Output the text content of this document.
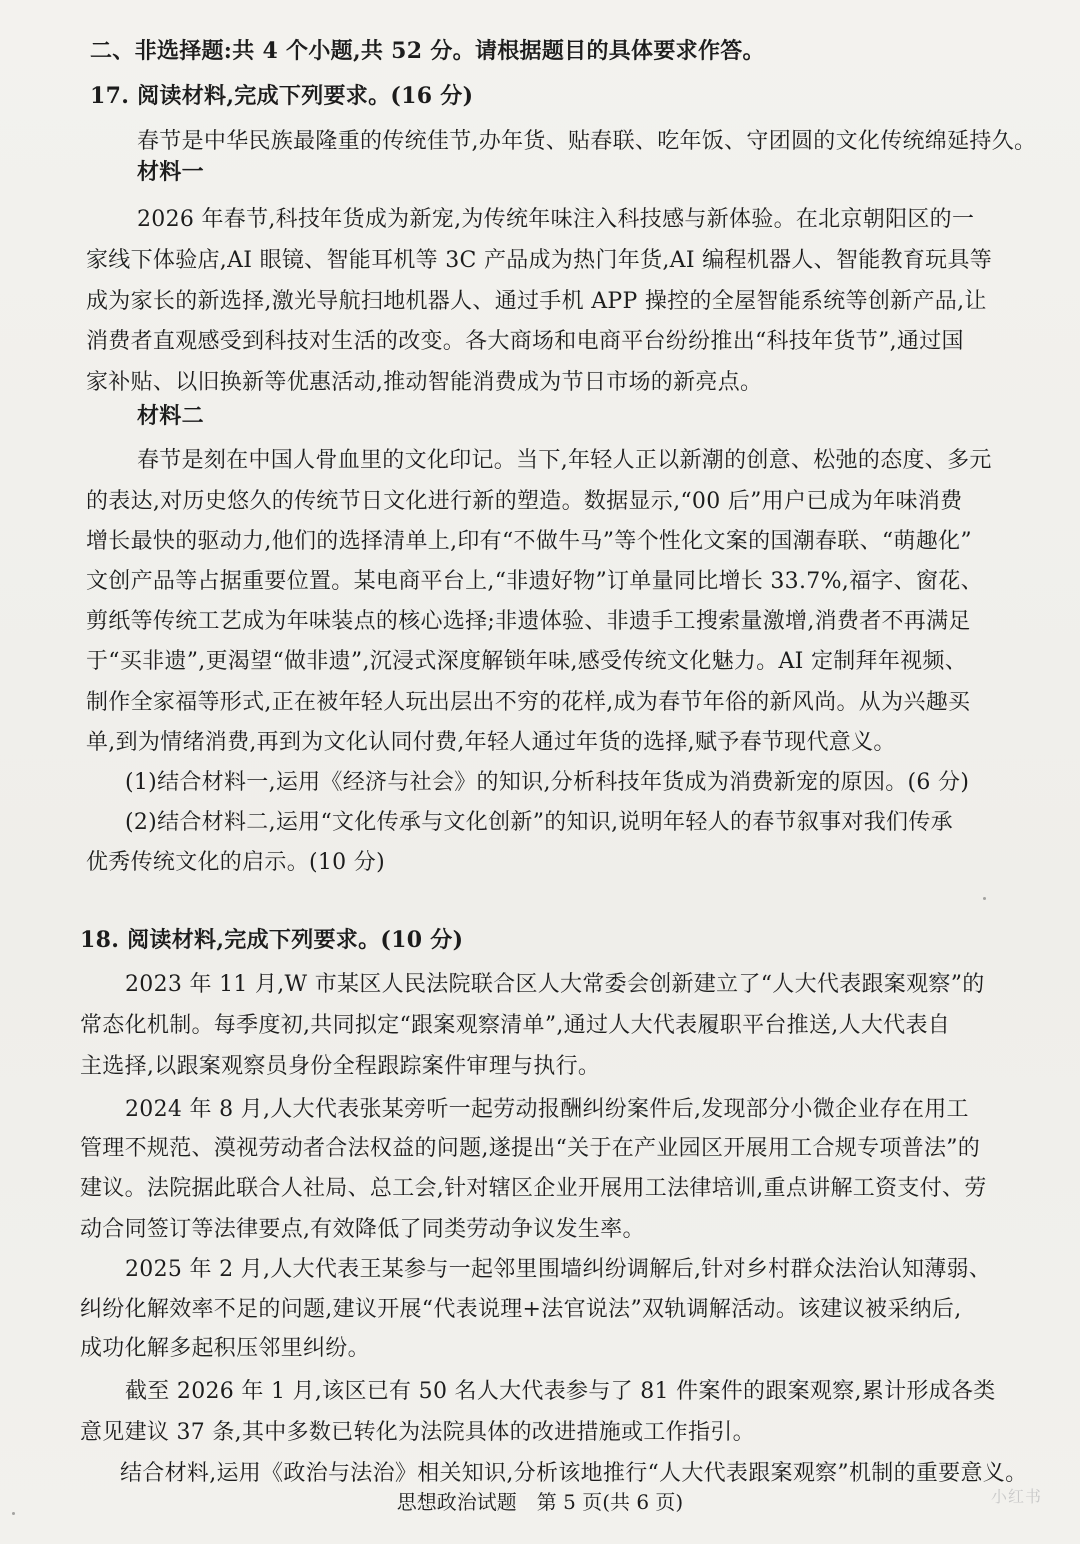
二、非选择题:共 4 个小题,共 52 分。请根据题目的具体要求作答。
17. 阅读材料,完成下列要求。(16 分)
春节是中华民族最隆重的传统佳节,办年货、贴春联、吃年饭、守团圆的文化传统绵延持久。
材料一
2026 年春节,科技年货成为新宠,为传统年味注入科技感与新体验。在北京朝阳区的一
家线下体验店,AI 眼镜、智能耳机等 3C 产品成为热门年货,AI 编程机器人、智能教育玩具等
成为家长的新选择,激光导航扫地机器人、通过手机 APP 操控的全屋智能系统等创新产品,让
消费者直观感受到科技对生活的改变。各大商场和电商平台纷纷推出“科技年货节”,通过国
家补贴、以旧换新等优惠活动,推动智能消费成为节日市场的新亮点。
材料二
春节是刻在中国人骨血里的文化印记。当下,年轻人正以新潮的创意、松弛的态度、多元
的表达,对历史悠久的传统节日文化进行新的塑造。数据显示,“00 后”用户已成为年味消费
增长最快的驱动力,他们的选择清单上,印有“不做牛马”等个性化文案的国潮春联、“萌趣化”
文创产品等占据重要位置。某电商平台上,“非遗好物”订单量同比增长 33.7%,福字、窗花、
剪纸等传统工艺成为年味装点的核心选择;非遗体验、非遗手工搜索量激增,消费者不再满足
于“买非遗”,更渴望“做非遗”,沉浸式深度解锁年味,感受传统文化魅力。AI 定制拜年视频、
制作全家福等形式,正在被年轻人玩出层出不穷的花样,成为春节年俗的新风尚。从为兴趣买
单,到为情绪消费,再到为文化认同付费,年轻人通过年货的选择,赋予春节现代意义。
(1)结合材料一,运用《经济与社会》的知识,分析科技年货成为消费新宠的原因。(6 分)
(2)结合材料二,运用“文化传承与文化创新”的知识,说明年轻人的春节叙事对我们传承
优秀传统文化的启示。(10 分)
18. 阅读材料,完成下列要求。(10 分)
2023 年 11 月,W 市某区人民法院联合区人大常委会创新建立了“人大代表跟案观察”的
常态化机制。每季度初,共同拟定“跟案观察清单”,通过人大代表履职平台推送,人大代表自
主选择,以跟案观察员身份全程跟踪案件审理与执行。
2024 年 8 月,人大代表张某旁听一起劳动报酬纠纷案件后,发现部分小微企业存在用工
管理不规范、漠视劳动者合法权益的问题,遂提出“关于在产业园区开展用工合规专项普法”的
建议。法院据此联合人社局、总工会,针对辖区企业开展用工法律培训,重点讲解工资支付、劳
动合同签订等法律要点,有效降低了同类劳动争议发生率。
2025 年 2 月,人大代表王某参与一起邻里围墙纠纷调解后,针对乡村群众法治认知薄弱、
纠纷化解效率不足的问题,建议开展“代表说理+法官说法”双轨调解活动。该建议被采纳后,
成功化解多起积压邻里纠纷。
截至 2026 年 1 月,该区已有 50 名人大代表参与了 81 件案件的跟案观察,累计形成各类
意见建议 37 条,其中多数已转化为法院具体的改进措施或工作指引。
结合材料,运用《政治与法治》相关知识,分析该地推行“人大代表跟案观察”机制的重要意义。
思想政治试题　第 5 页(共 6 页)	小红书
